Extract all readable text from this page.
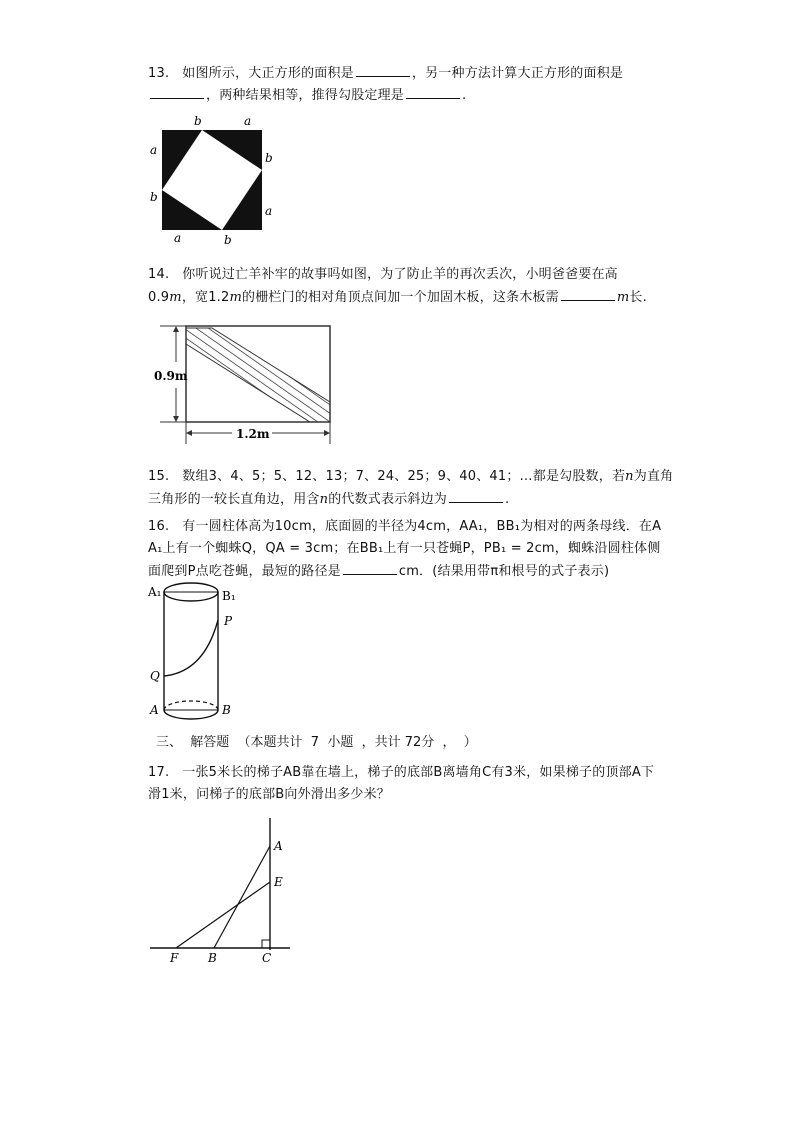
13. 如图所示，大正方形的面积是	，另一种方法计算大正方形的面积是
，两种结果相等，推得勾股定理是	.
b	a
a
b
b
a
a	b
14. 你听说过亡羊补牢的故事吗如图，为了防止羊的再次丢次，小明爸爸要在高
0.9m，宽1.2m的栅栏门的相对角顶点间加一个加固木板，这条木板需	m长.
0.9m
1.2m
15. 数组3、4、5；5、12、13；7、24、25；9、40、41；…都是勾股数，若n为直角
三角形的一较长直角边，用含n的代数式表示斜边为	.
16. 有一圆柱体高为10cm，底面圆的半径为4cm，AA₁，BB₁为相对的两条母线．在A
A₁上有一个蜘蛛Q，QA = 3cm；在BB₁上有一只苍蝇P，PB₁ = 2cm，蜘蛛沿圆柱体侧
面爬到P点吃苍蝇，最短的路径是	cm．(结果用带π和根号的式子表示)
A₁	B₁
P
Q
A	B
三、  解答题  （本题共计  7  小题  ，共计 72分  ，  ）
17. 一张5米长的梯子AB靠在墙上，梯子的底部B离墙角C有3米，如果梯子的顶部A下
滑1米，问梯子的底部B向外滑出多少米？
A
E
F B	C
